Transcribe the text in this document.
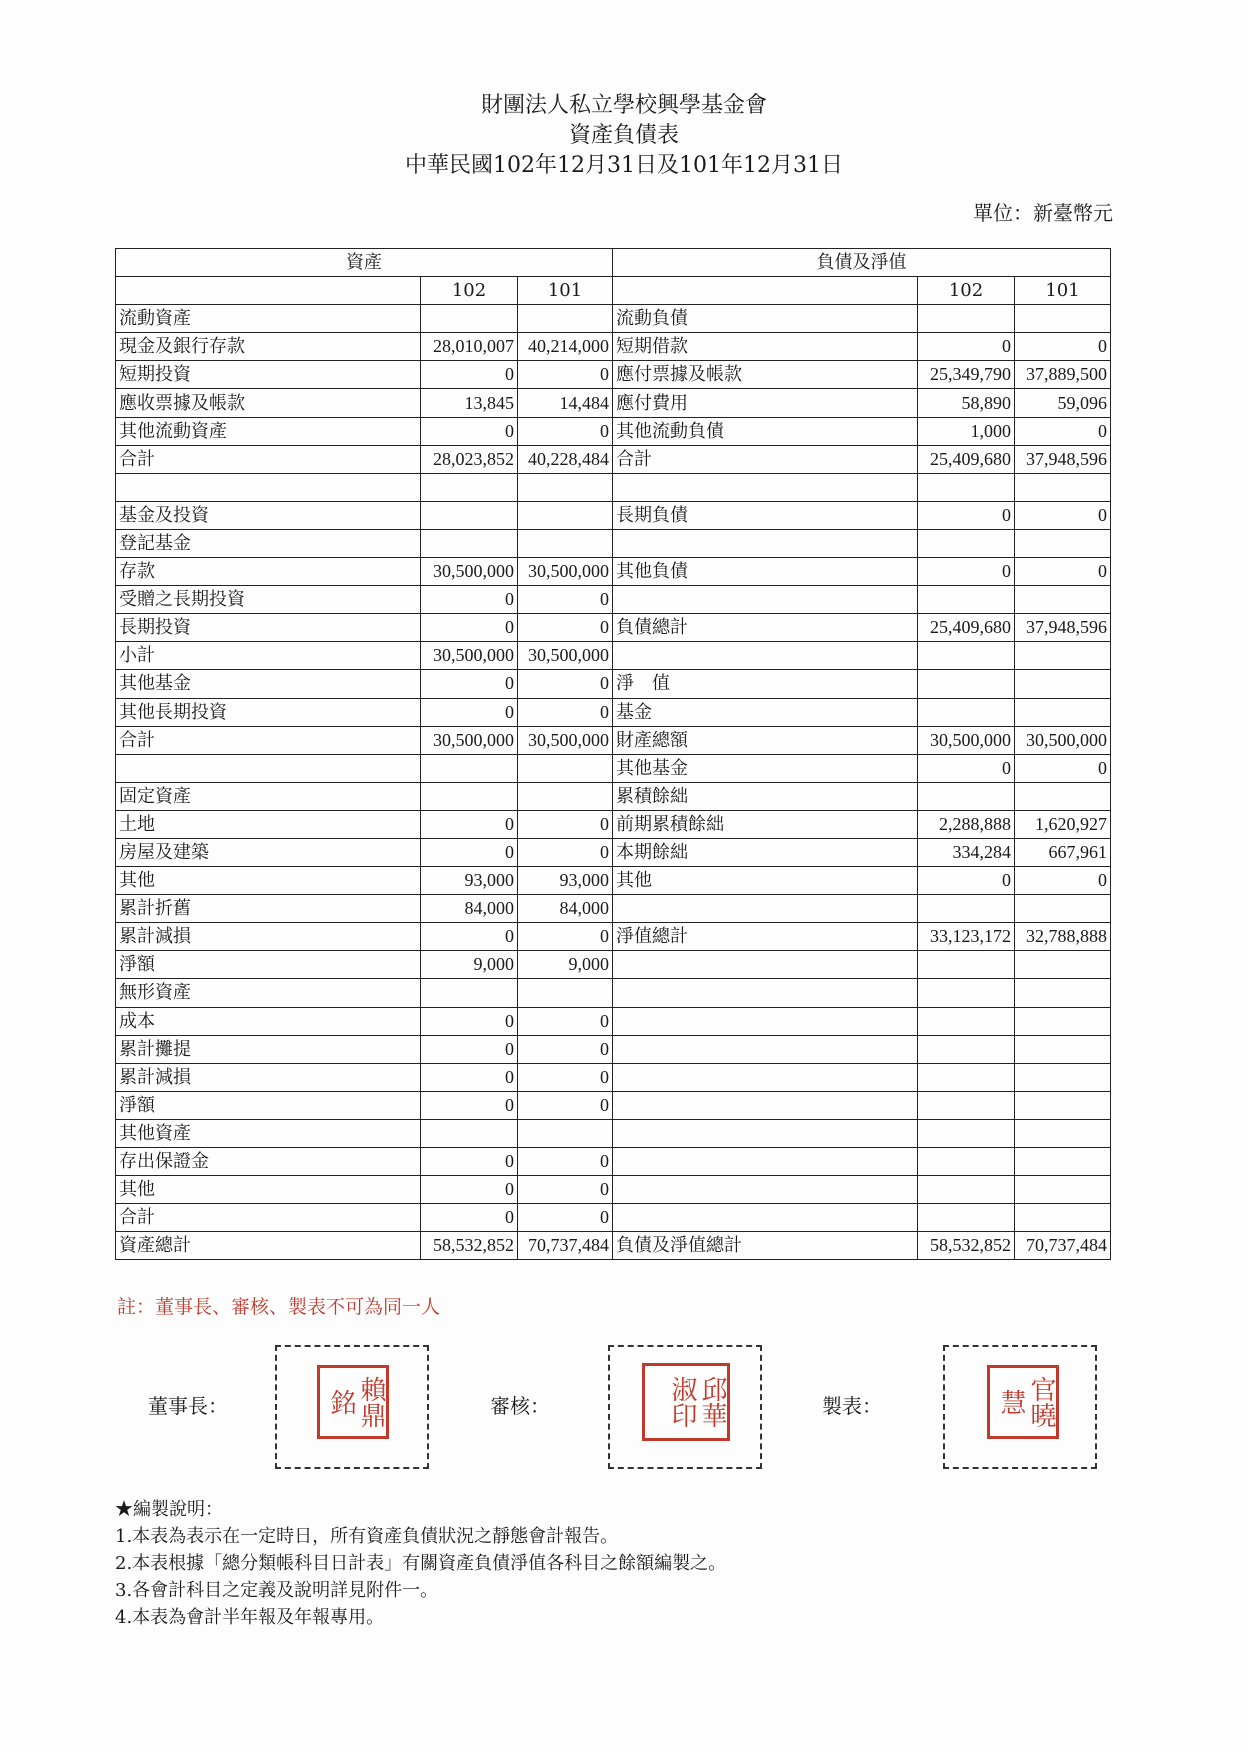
財團法人私立學校興學基金會
資產負債表
中華民國102年12月31日及101年12月31日
單位：新臺幣元
資產			負債及淨值		
	102	101		102	101
流動資產			流動負債		
現金及銀行存款	28,010,007	40,214,000	短期借款	0	0
短期投資	0	0	應付票據及帳款	25,349,790	37,889,500
應收票據及帳款	13,845	14,484	應付費用	58,890	59,096
其他流動資產	0	0	其他流動負債	1,000	0
合計	28,023,852	40,228,484	合計	25,409,680	37,948,596

基金及投資			長期負債	0	0
登記基金					
存款	30,500,000	30,500,000	其他負債	0	0
受贈之長期投資	0	0			
長期投資	0	0	負債總計	25,409,680	37,948,596
小計	30,500,000	30,500,000			
其他基金	0	0	淨　值		
其他長期投資	0	0	基金		
合計	30,500,000	30,500,000	財產總額	30,500,000	30,500,000
			其他基金	0	0
固定資產			累積餘絀		
土地	0	0	前期累積餘絀	2,288,888	1,620,927
房屋及建築	0	0	本期餘絀	334,284	667,961
其他	93,000	93,000	其他	0	0
累計折舊	84,000	84,000			
累計減損	0	0	淨值總計	33,123,172	32,788,888
淨額	9,000	9,000			
無形資產					
成本	0	0			
累計攤提	0	0			
累計減損	0	0			
淨額	0	0			
其他資產					
存出保證金	0	0			
其他	0	0			
合計	0	0			
資產總計	58,532,852	70,737,484	負債及淨值總計	58,532,852	70,737,484
註：董事長、審核、製表不可為同一人
董事長：	賴鼎銘	審核：	邱華淑印	製表：	官曉慧
★編製說明：
1.本表為表示在一定時日，所有資產負債狀況之靜態會計報告。
2.本表根據「總分類帳科目日計表」有關資產負債淨值各科目之餘額編製之。
3.各會計科目之定義及說明詳見附件一。
4.本表為會計半年報及年報專用。
